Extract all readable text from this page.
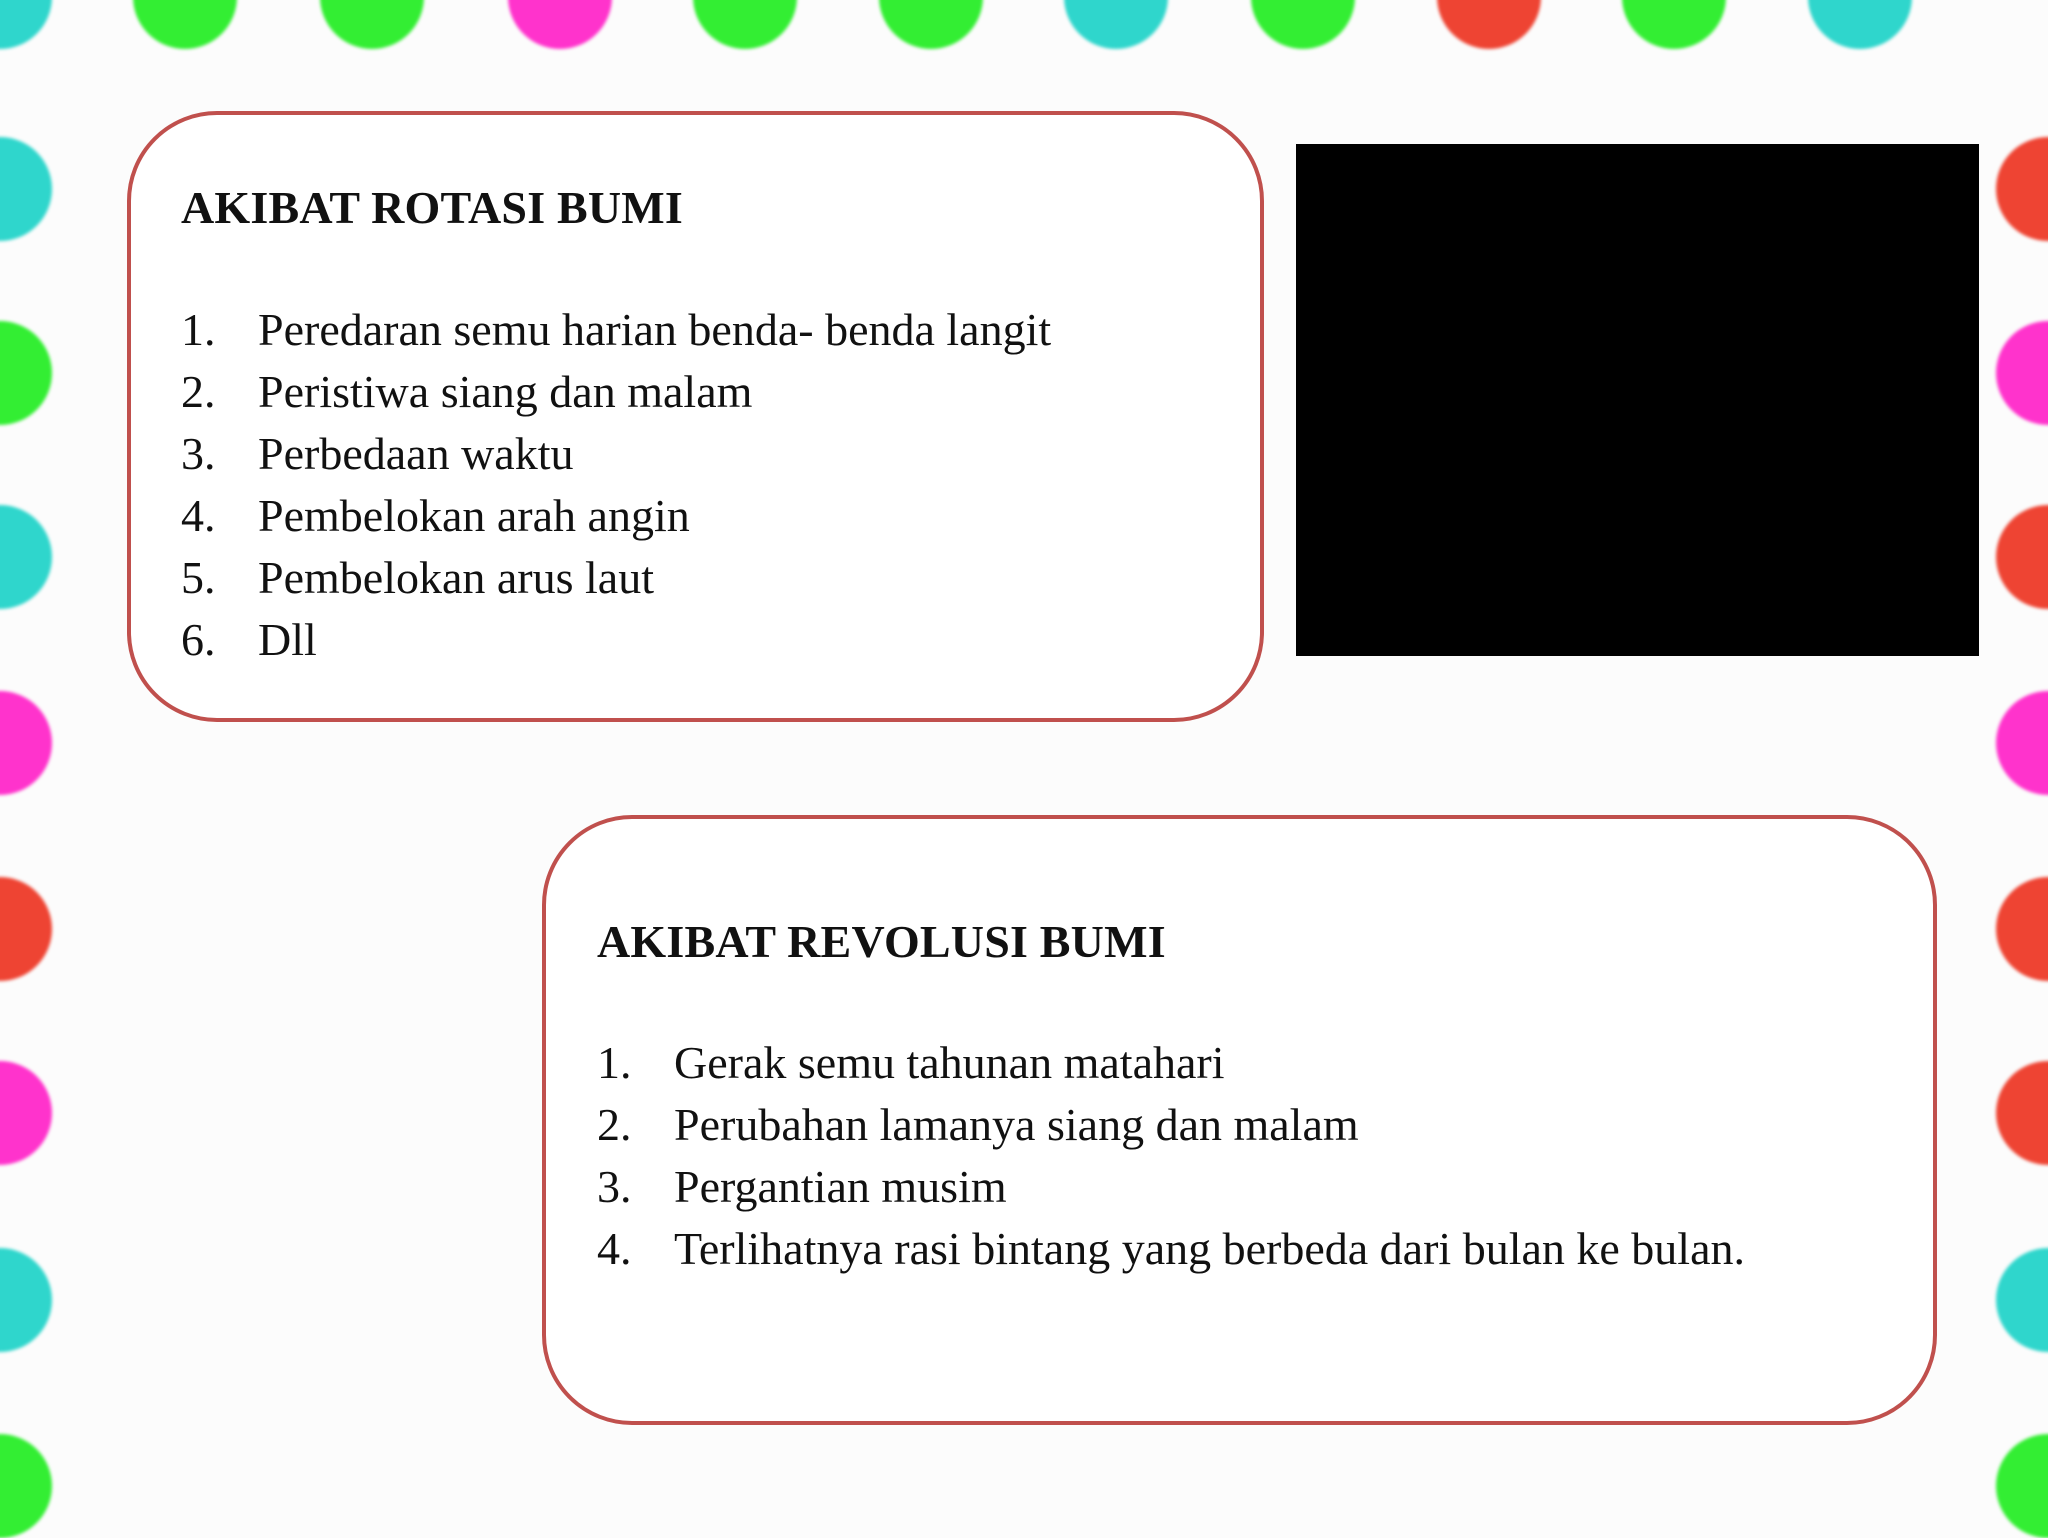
AKIBAT ROTASI BUMI
1. Peredaran semu harian benda- benda langit
2. Peristiwa siang dan malam
3. Perbedaan waktu
4. Pembelokan arah angin
5. Pembelokan arus laut
6. Dll
AKIBAT REVOLUSI BUMI
1. Gerak semu tahunan matahari
2. Perubahan lamanya siang dan malam
3. Pergantian musim
4. Terlihatnya rasi bintang yang berbeda dari bulan ke bulan.
